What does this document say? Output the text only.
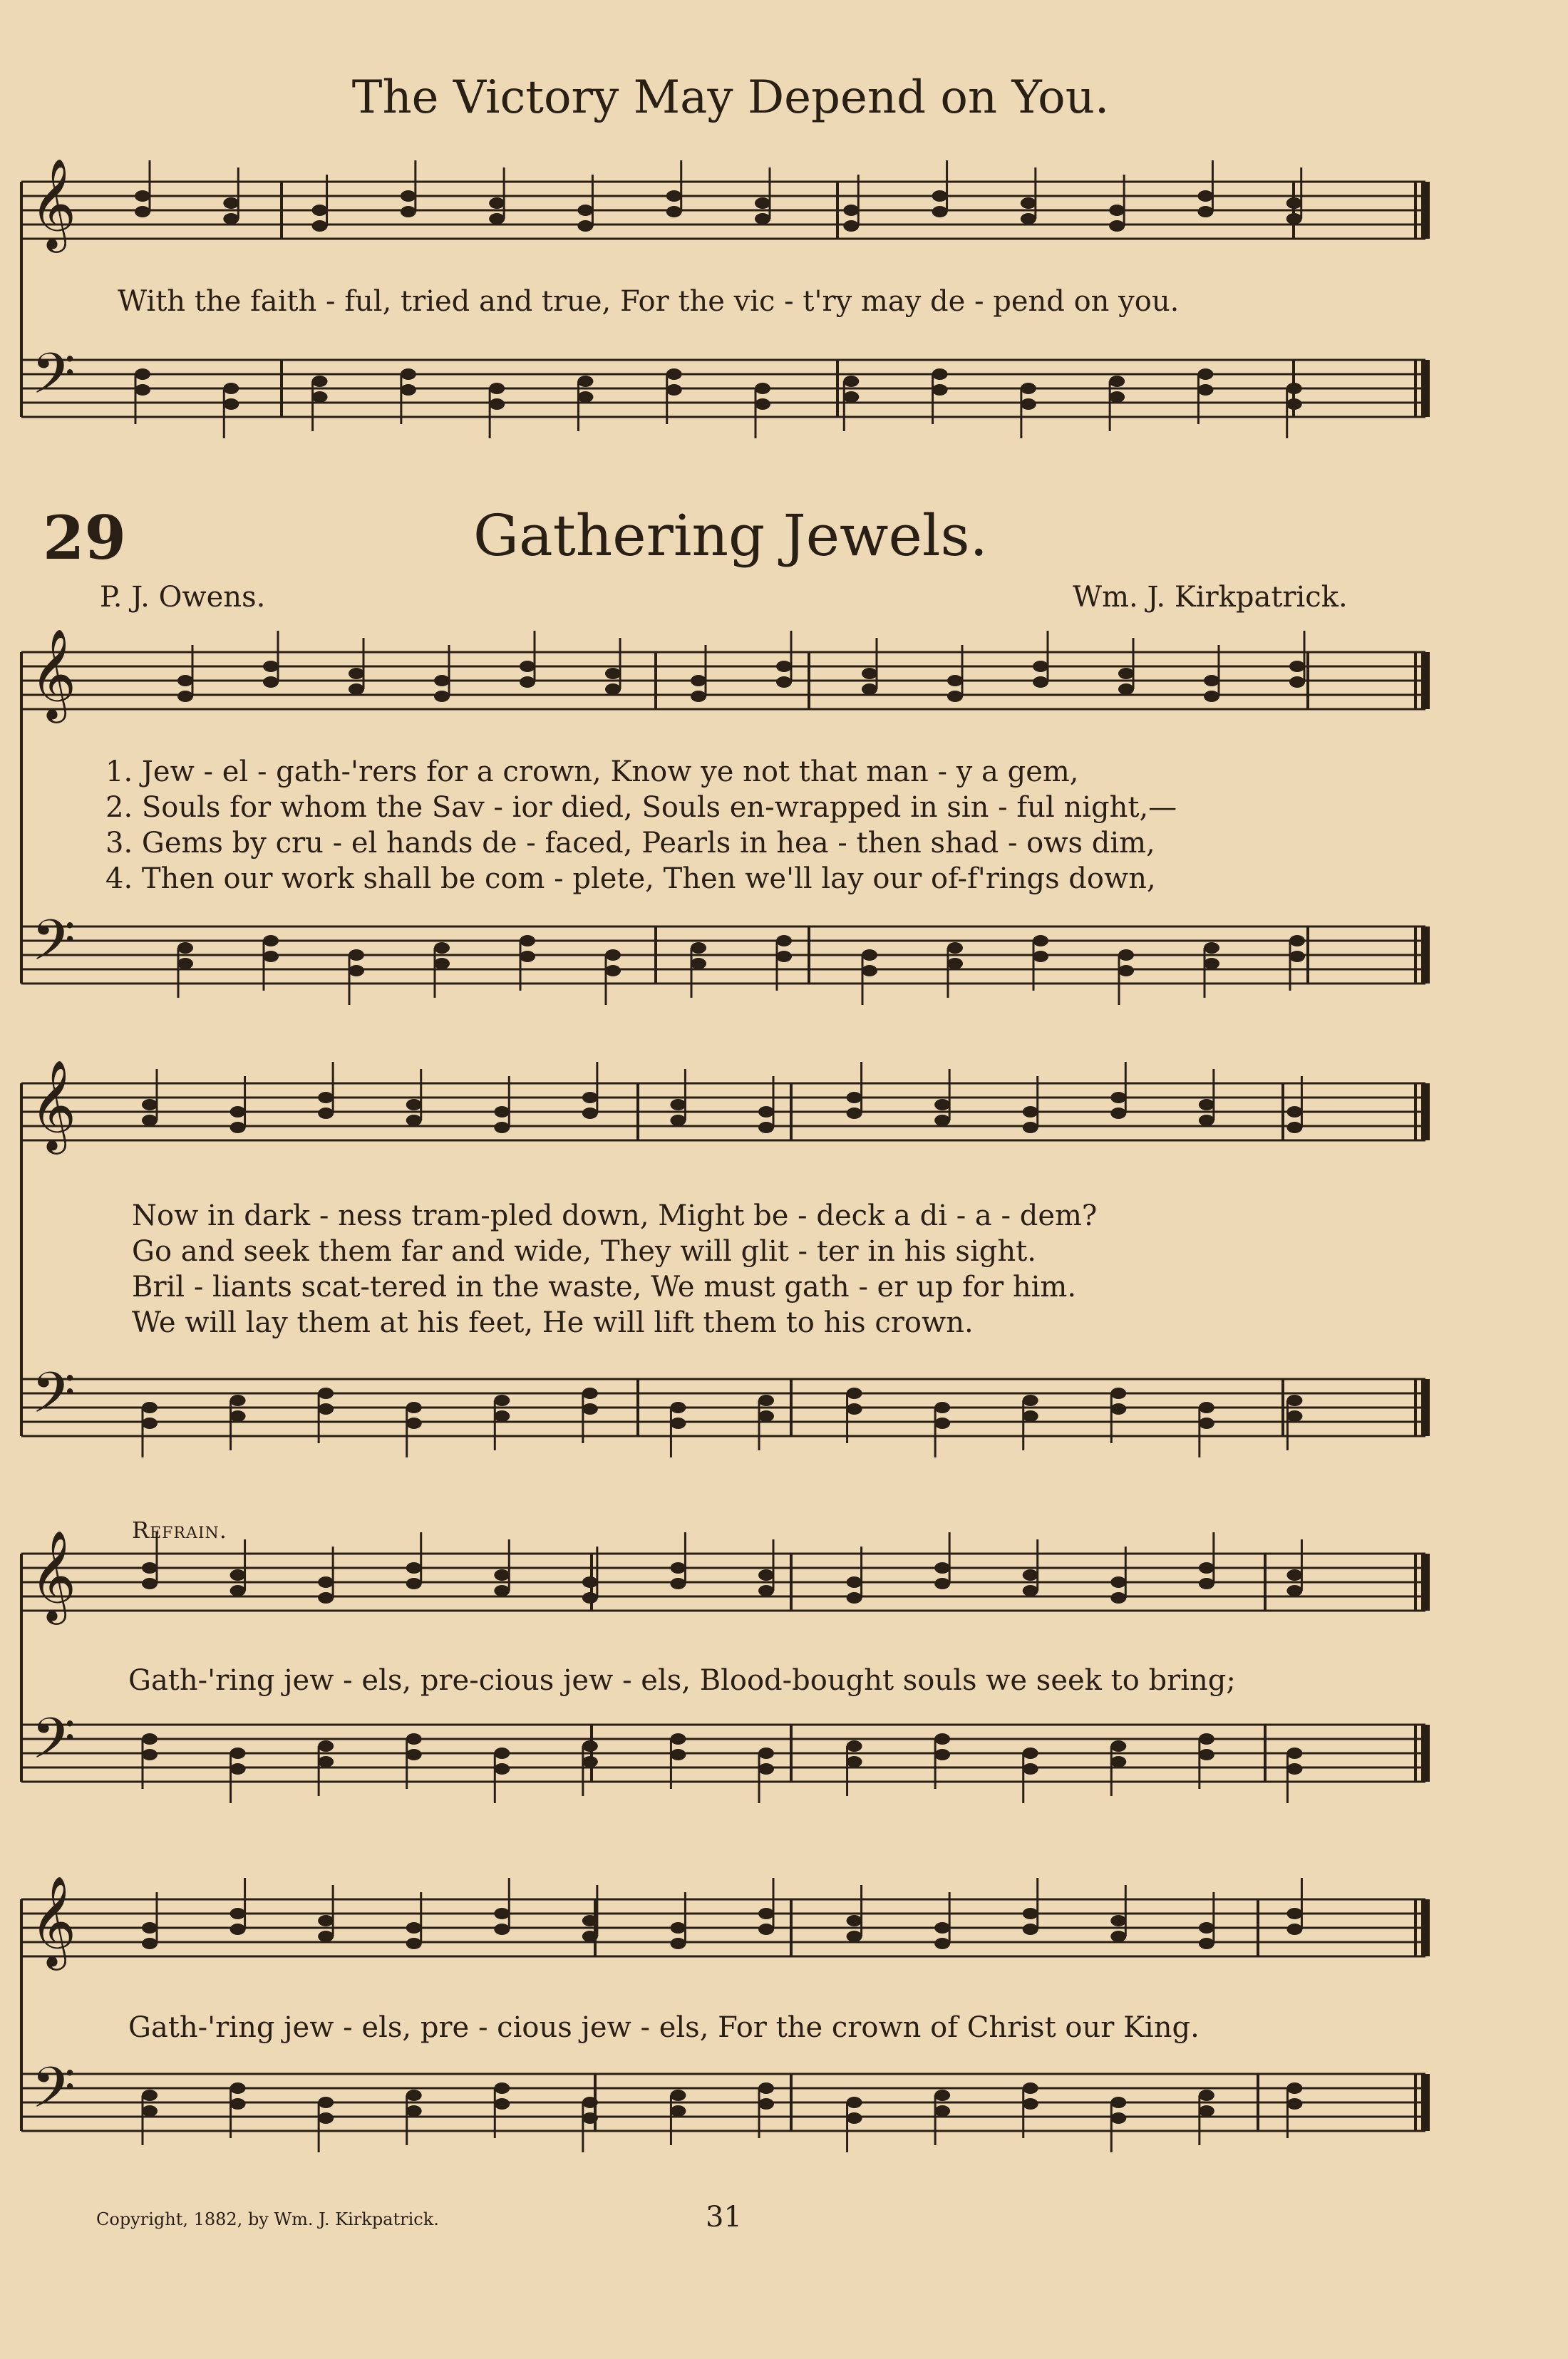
𝄞
𝄢
𝄞
𝄢
𝄞
𝄢
𝄞
𝄢
𝄞
𝄢
The Victory May Depend on You.
With the faith - ful, tried and true, For the vic - t'ry may de - pend on you.
29	Gathering Jewels.
P. J. Owens.	Wm. J. Kirkpatrick.
1. Jew - el - gath-'rers for a crown, Know ye not that man - y a gem,
2. Souls for whom the Sav - ior died, Souls en-wrapped in sin - ful night,—
3. Gems by cru - el hands de - faced, Pearls in hea - then shad - ows dim,
4. Then our work shall be com - plete, Then we'll lay our of-f'rings down,
Now in dark - ness tram-pled down, Might be - deck a di - a - dem?
Go and seek them far and wide, They will glit - ter in his sight.
Bril - liants scat-tered in the waste, We must gath - er up for him.
We will lay them at his feet, He will lift them to his crown.
Refrain.
Gath-'ring jew - els, pre-cious jew - els, Blood-bought souls we seek to bring;
Gath-'ring jew - els, pre - cious jew - els, For the crown of Christ our King.
Copyright, 1882, by Wm. J. Kirkpatrick.	31
